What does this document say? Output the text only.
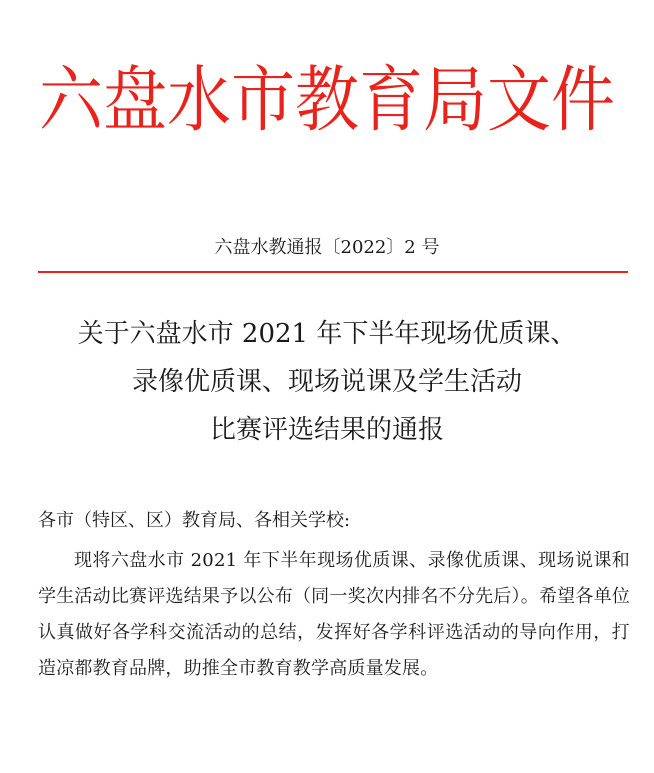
六盘水市教育局文件
六盘水教通报〔2022〕2 号
关于六盘水市 2021 年下半年现场优质课、
录像优质课、现场说课及学生活动
比赛评选结果的通报
各市（特区、区）教育局、各相关学校:
现将六盘水市 2021 年下半年现场优质课、录像优质课、现场说课和学生活动比赛评选结果予以公布（同一奖次内排名不分先后）。希望各单位认真做好各学科交流活动的总结，发挥好各学科评选活动的导向作用，打造凉都教育品牌，助推全市教育教学高质量发展。
